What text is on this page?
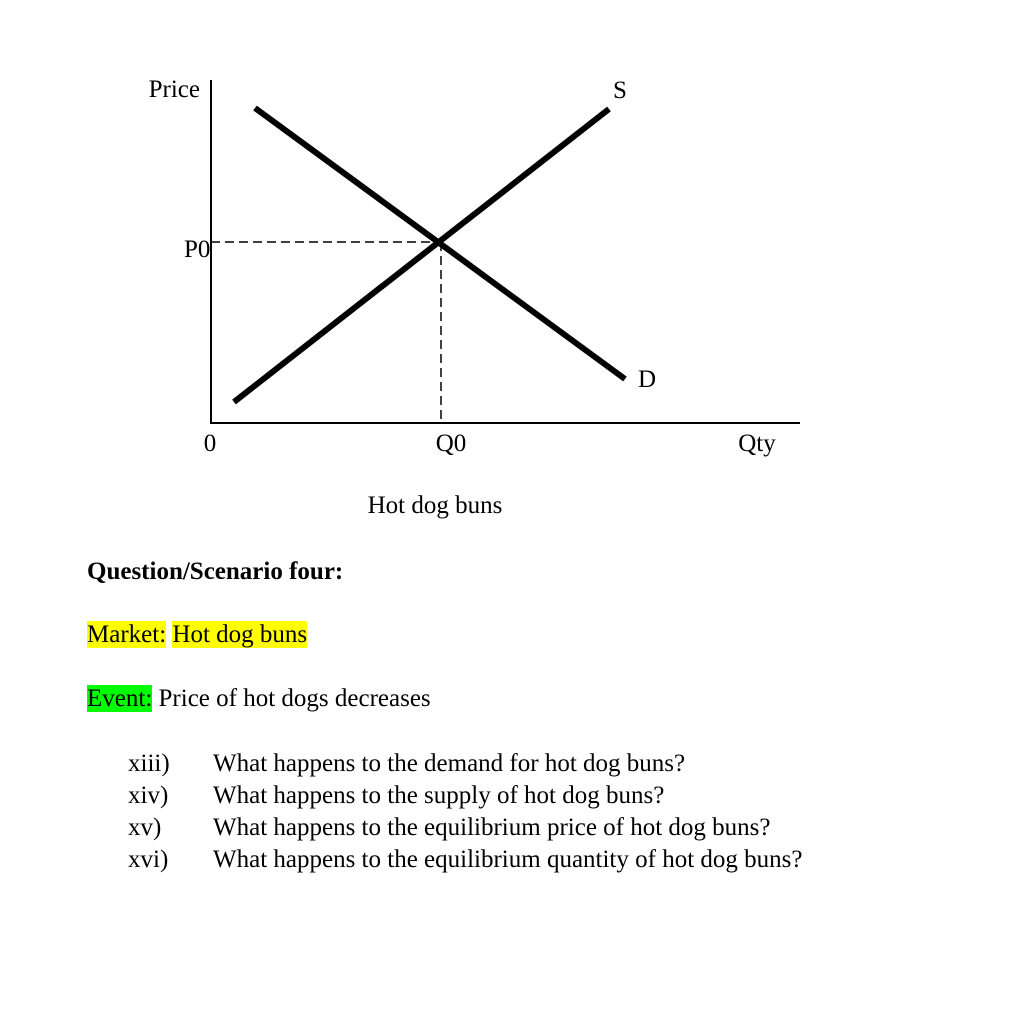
Price
P0
0	Q0	Qty
S
D
Hot dog buns
Question/Scenario four:
Market: Hot dog buns
Event: Price of hot dogs decreases
xiii)	What happens to the demand for hot dog buns?
xiv)	What happens to the supply of hot dog buns?
xv)	What happens to the equilibrium price of hot dog buns?
xvi)	What happens to the equilibrium quantity of hot dog buns?
